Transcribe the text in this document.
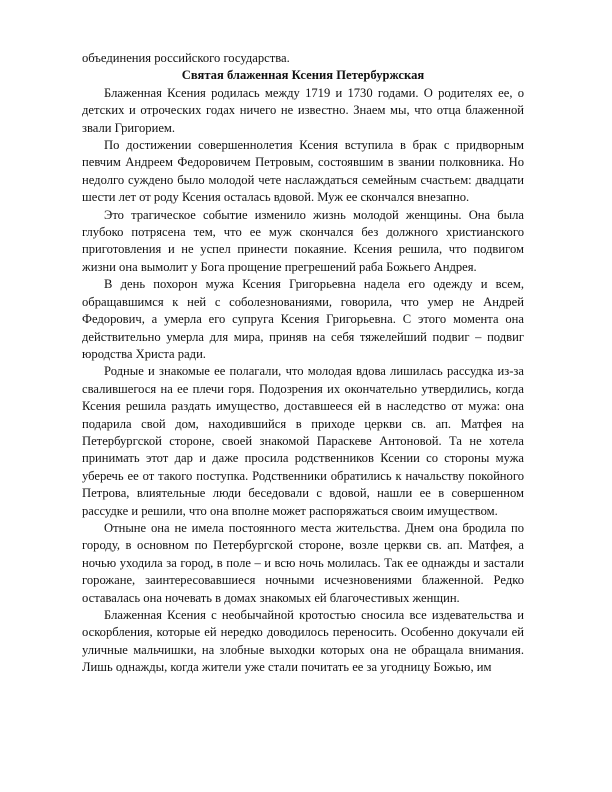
объединения российского государства.

Святая блаженная Ксения Петербуржская

Блаженная Ксения родилась между 1719 и 1730 годами. О родителях ее, о детских и отроческих годах ничего не известно. Знаем мы, что отца блаженной звали Григорием.

По достижении совершеннолетия Ксения вступила в брак с придворным певчим Андреем Федоровичем Петровым, состоявшим в звании полковника. Но недолго суждено было молодой чете наслаждаться семейным счастьем: двадцати шести лет от роду Ксения осталась вдовой. Муж ее скончался внезапно.

Это трагическое событие изменило жизнь молодой женщины. Она была глубоко потрясена тем, что ее муж скончался без должного христианского приготовления и не успел принести покаяние. Ксения решила, что подвигом жизни она вымолит у Бога прощение прегрешений раба Божьего Андрея.

В день похорон мужа Ксения Григорьевна надела его одежду и всем, обращавшимся к ней с соболезнованиями, говорила, что умер не Андрей Федорович, а умерла его супруга Ксения Григорьевна. С этого момента она действительно умерла для мира, приняв на себя тяжелейший подвиг – подвиг юродства Христа ради.

Родные и знакомые ее полагали, что молодая вдова лишилась рассудка из-за свалившегося на ее плечи горя. Подозрения их окончательно утвердились, когда Ксения решила раздать имущество, доставшееся ей в наследство от мужа: она подарила свой дом, находившийся в приходе церкви св. ап. Матфея на Петербургской стороне, своей знакомой Параскеве Антоновой. Та не хотела принимать этот дар и даже просила родственников Ксении со стороны мужа уберечь ее от такого поступка. Родственники обратились к начальству покойного Петрова, влиятельные люди беседовали с вдовой, нашли ее в совершенном рассудке и решили, что она вполне может распоряжаться своим имуществом.

Отныне она не имела постоянного места жительства. Днем она бродила по городу, в основном по Петербургской стороне, возле церкви св. ап. Матфея, а ночью уходила за город, в поле – и всю ночь молилась. Так ее однажды и застали горожане, заинтересовавшиеся ночными исчезновениями блаженной. Редко оставалась она ночевать в домах знакомых ей благочестивых женщин.

Блаженная Ксения с необычайной кротостью сносила все издевательства и оскорбления, которые ей нередко доводилось переносить. Особенно докучали ей уличные мальчишки, на злобные выходки которых она не обращала внимания. Лишь однажды, когда жители уже стали почитать ее за угодницу Божью, им
